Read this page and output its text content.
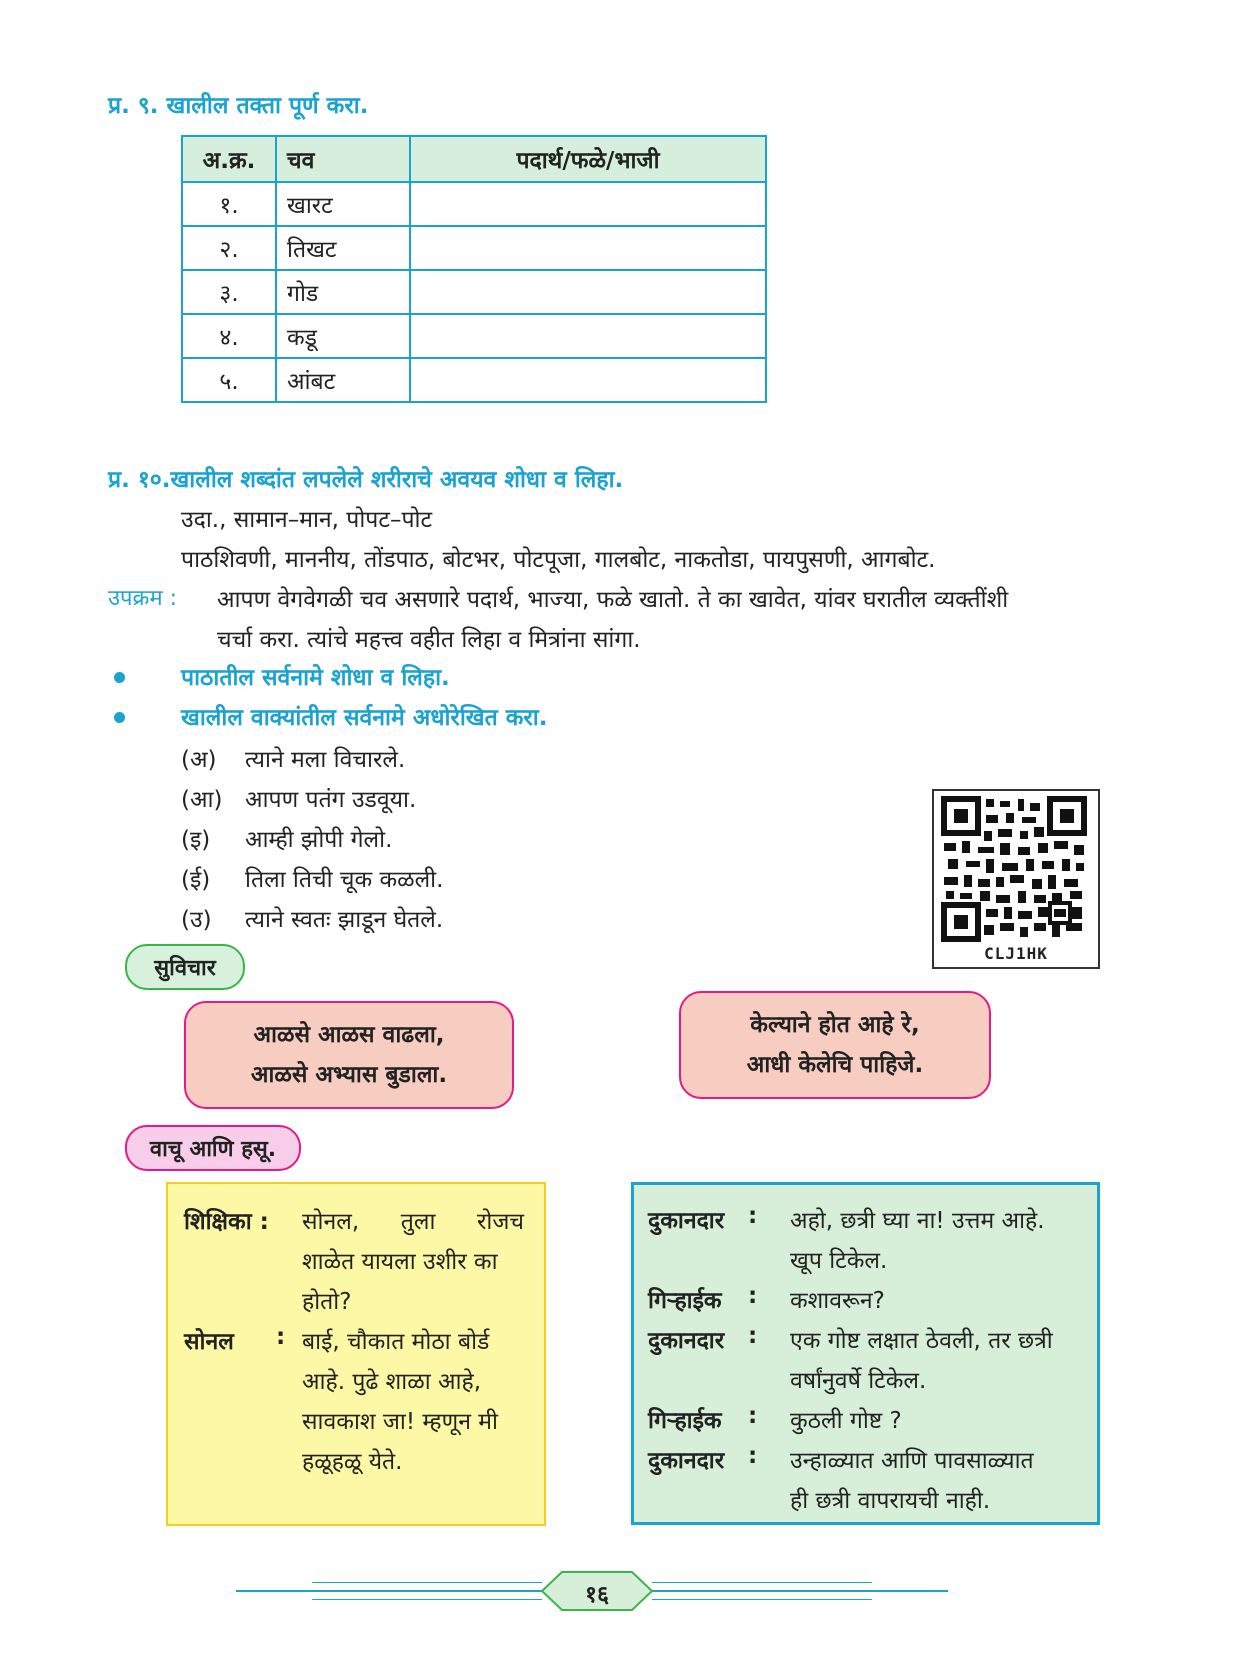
प्र. ९. खालील तक्ता पूर्ण करा.
अ.क्र.	चव	पदार्थ/फळे/भाजी
१.	खारट	
२.	तिखट	
३.	गोड	
४.	कडू	
५.	आंबट	
प्र. १०.खालील शब्दांत लपलेले शरीराचे अवयव शोधा व लिहा.
उदा., सामान–मान, पोपट–पोट
पाठशिवणी, माननीय, तोंडपाठ, बोटभर, पोटपूजा, गालबोट, नाकतोडा, पायपुसणी, आगबोट.
उपक्रम : आपण वेगवेगळी चव असणारे पदार्थ, भाज्या, फळे खातो. ते का खावेत, यांवर घरातील व्यक्तींशी
चर्चा करा. त्यांचे महत्त्व वहीत लिहा व मित्रांना सांगा.
पाठातील सर्वनामे शोधा व लिहा.
खालील वाक्यांतील सर्वनामे अधोरेखित करा.
(अ) त्याने मला विचारले.
(आ) आपण पतंग उडवूया.
(इ) आम्ही झोपी गेलो.
(ई) तिला तिची चूक कळली.
(उ) त्याने स्वतः झाडून घेतले.
CLJ1HK
सुविचार
आळसे आळस वाढला,
आळसे अभ्यास बुडाला.
केल्याने होत आहे रे,
आधी केलेचि पाहिजे.
वाचू आणि हसू.
शिक्षिका : सोनल, तुला रोजच
शाळेत यायला उशीर का
होतो?
सोनल : बाई, चौकात मोठा बोर्ड
आहे. पुढे शाळा आहे,
सावकाश जा! म्हणून मी
हळूहळू येते.
दुकानदार : अहो, छत्री घ्या ना! उत्तम आहे.
खूप टिकेल.
गिऱ्हाईक : कशावरून?
दुकानदार : एक गोष्ट लक्षात ठेवली, तर छत्री
वर्षांनुवर्षे टिकेल.
गिऱ्हाईक : कुठली गोष्ट ?
दुकानदार : उन्हाळ्यात आणि पावसाळ्यात
ही छत्री वापरायची नाही.
१६
